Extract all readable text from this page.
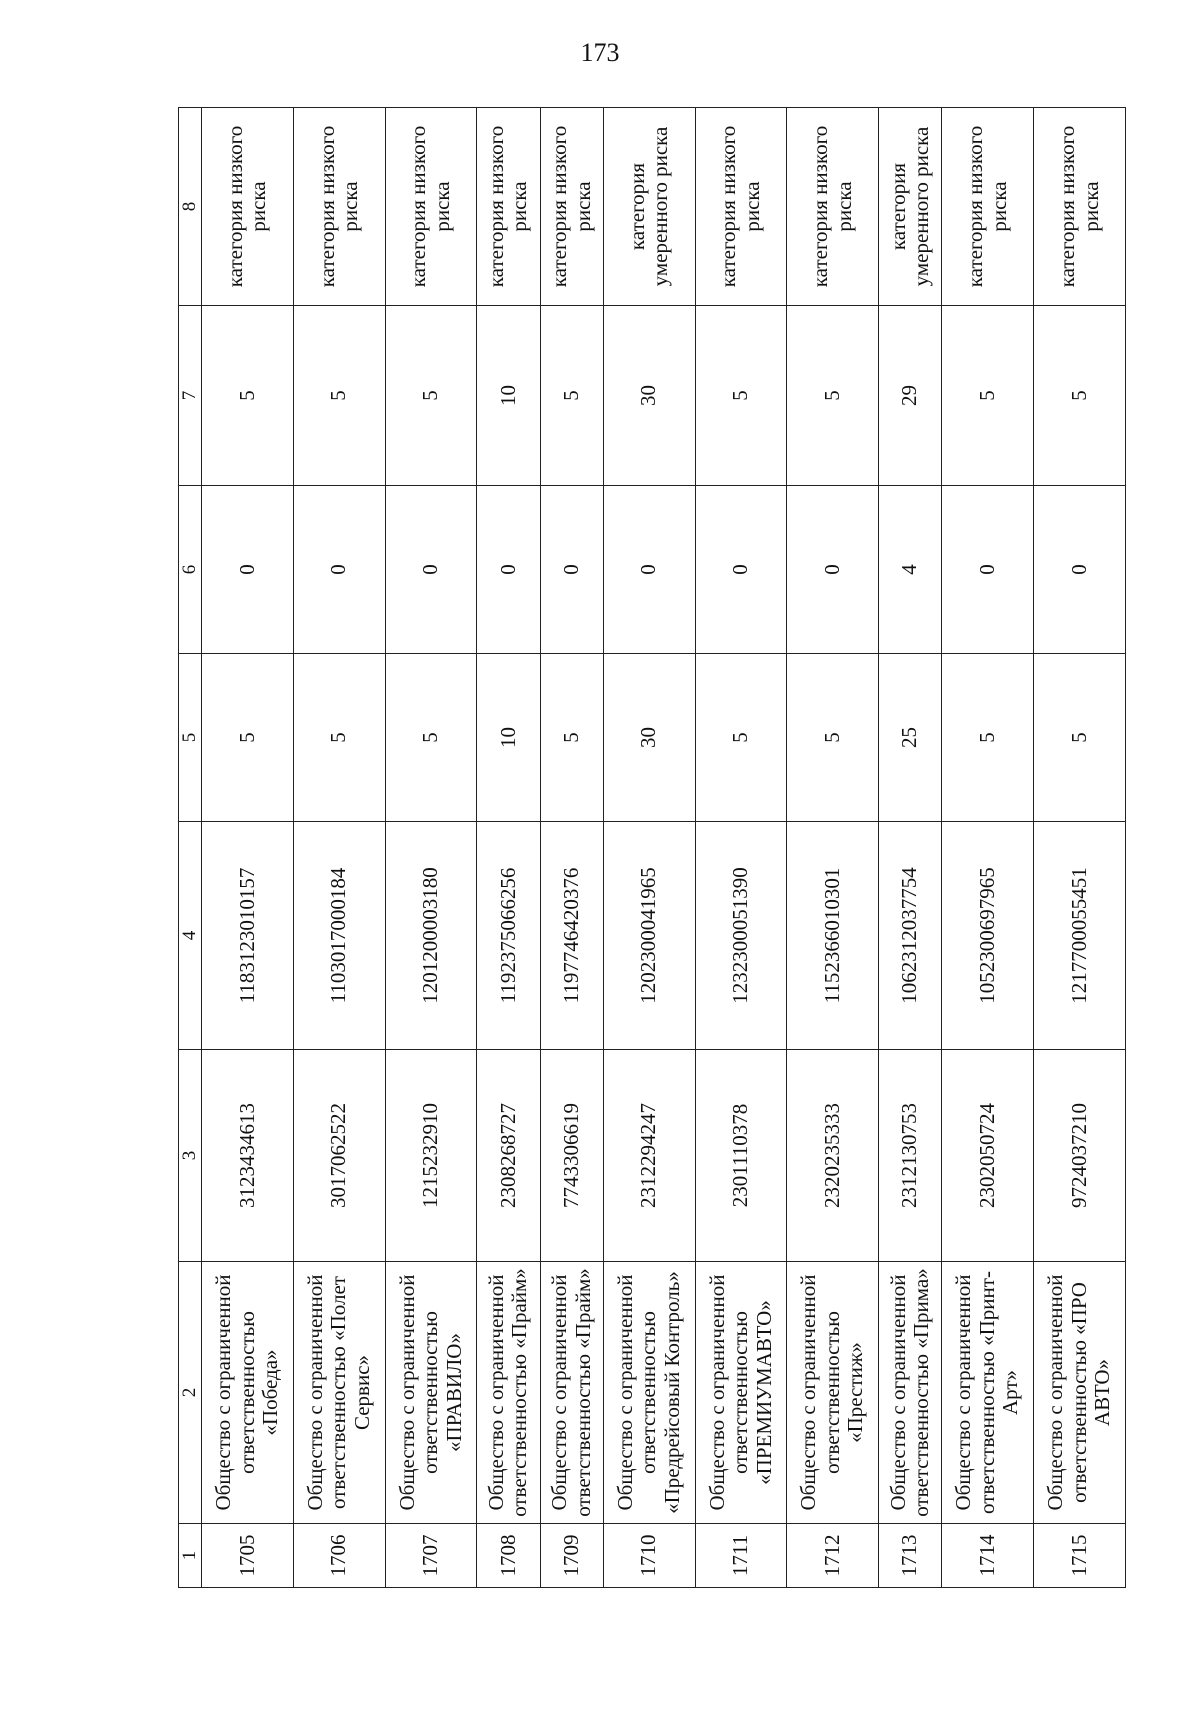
173
1	2	3	4	5	6	7	8
1705	Общество с ограниченной ответственностью «Победа»	3123434613	1183123010157	5	0	5	категория низкого риска
1706	Общество с ограниченной ответственностью «Полет Сервис»	3017062522	1103017000184	5	0	5	категория низкого риска
1707	Общество с ограниченной ответственностью «ПРАВИЛО»	1215232910	1201200003180	5	0	5	категория низкого риска
1708	Общество с ограниченной ответственностью «Прайм»	2308268727	1192375066256	10	0	10	категория низкого риска
1709	Общество с ограниченной ответственностью «Прайм»	7743306619	1197746420376	5	0	5	категория низкого риска
1710	Общество с ограниченной ответственностью «Предрейсовый Контроль»	2312294247	1202300041965	30	0	30	категория умеренного риска
1711	Общество с ограниченной ответственностью «ПРЕМИУМАВТО»	2301110378	1232300051390	5	0	5	категория низкого риска
1712	Общество с ограниченной ответственностью «Престиж»	2320235333	1152366010301	5	0	5	категория низкого риска
1713	Общество с ограниченной ответственностью «Прима»	2312130753	1062312037754	25	4	29	категория умеренного риска
1714	Общество с ограниченной ответственностью «Принт-Арт»	2302050724	1052300697965	5	0	5	категория низкого риска
1715	Общество с ограниченной ответственностью «ПРО АВТО»	9724037210	1217700055451	5	0	5	категория низкого риска
